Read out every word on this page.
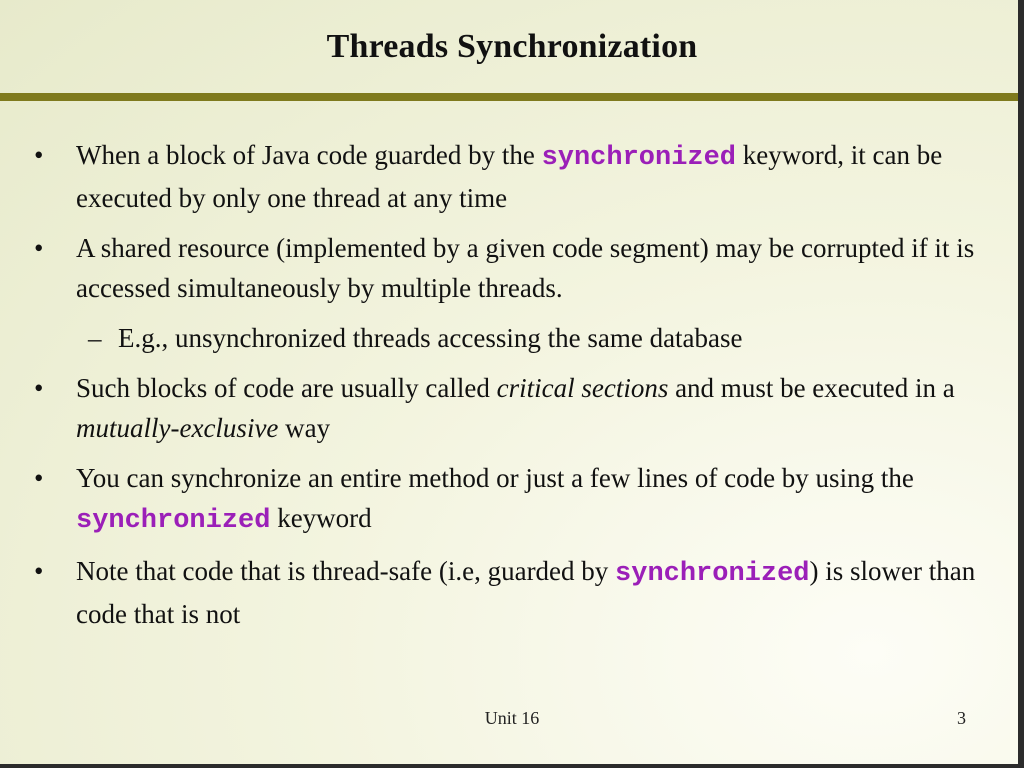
Threads Synchronization
• When a block of Java code guarded by the synchronized keyword, it can be executed by only one thread at any time
• A shared resource (implemented by a given code segment) may be corrupted if it is accessed simultaneously by multiple threads.
– E.g., unsynchronized threads accessing the same database
• Such blocks of code are usually called critical sections and must be executed in a mutually-exclusive way
• You can synchronize an entire method or just a few lines of code by using the synchronized keyword
• Note that code that is thread-safe (i.e, guarded by synchronized) is slower than code that is not
Unit 16	3
